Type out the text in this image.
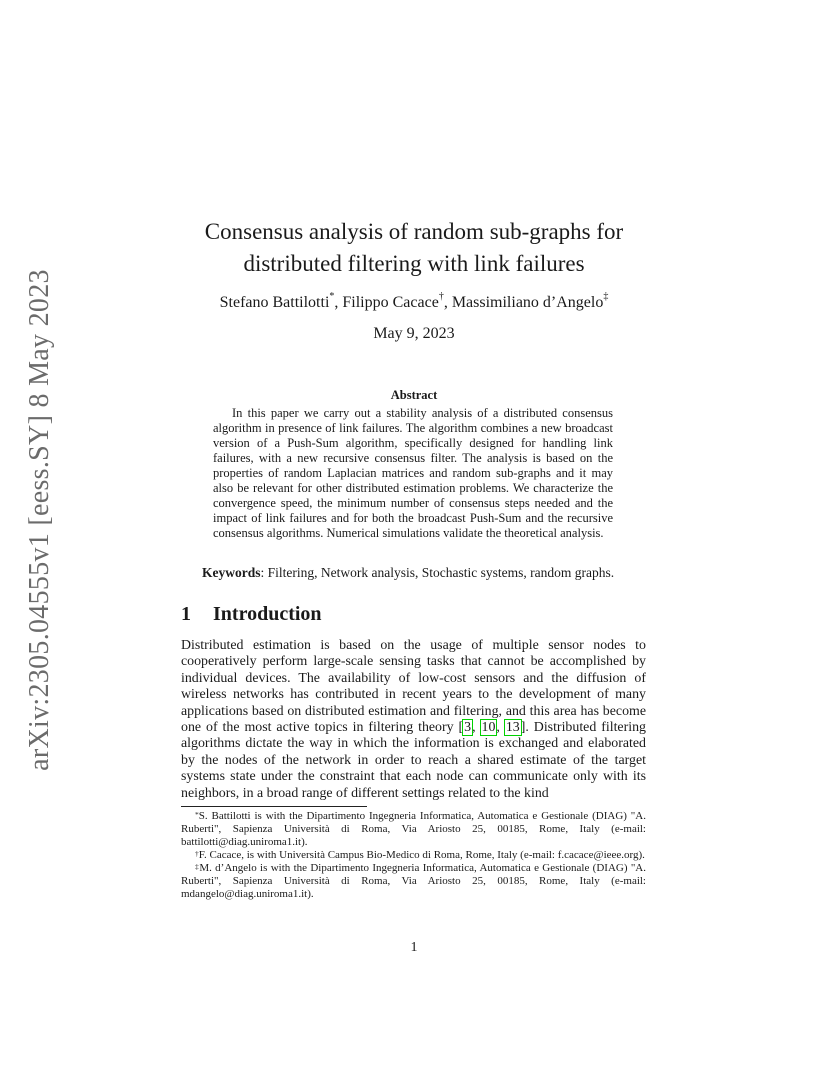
arXiv:2305.04555v1 [eess.SY] 8 May 2023
Consensus analysis of random sub-graphs for
distributed filtering with link failures
Stefano Battilotti*, Filippo Cacace†, Massimiliano d’Angelo‡
May 9, 2023
Abstract
In this paper we carry out a stability analysis of a distributed consensus algorithm in presence of link failures. The algorithm combines a new broadcast version of a Push-Sum algorithm, specifically designed for handling link failures, with a new recursive consensus filter. The analysis is based on the properties of random Laplacian matrices and random sub-graphs and it may also be relevant for other distributed estimation problems. We characterize the convergence speed, the minimum number of consensus steps needed and the impact of link failures and for both the broadcast Push-Sum and the recursive consensus algorithms. Numerical simulations validate the theoretical analysis.
Keywords: Filtering, Network analysis, Stochastic systems, random graphs.
1 Introduction
Distributed estimation is based on the usage of multiple sensor nodes to cooperatively perform large-scale sensing tasks that cannot be accomplished by individual devices. The availability of low-cost sensors and the diffusion of wireless networks has contributed in recent years to the development of many applications based on distributed estimation and filtering, and this area has become one of the most active topics in filtering theory [3, 10, 13]. Distributed filtering algorithms dictate the way in which the information is exchanged and elaborated by the nodes of the network in order to reach a shared estimate of the target systems state under the constraint that each node can communicate only with its neighbors, in a broad range of different settings related to the kind

*S. Battilotti is with the Dipartimento Ingegneria Informatica, Automatica e Gestionale (DIAG) "A. Ruberti", Sapienza Università di Roma, Via Ariosto 25, 00185, Rome, Italy (e-mail: battilotti@diag.uniroma1.it).

†F. Cacace, is with Università Campus Bio-Medico di Roma, Rome, Italy (e-mail: f.cacace@ieee.org).

‡M. d’Angelo is with the Dipartimento Ingegneria Informatica, Automatica e Gestionale (DIAG) "A. Ruberti", Sapienza Università di Roma, Via Ariosto 25, 00185, Rome, Italy (e-mail: mdangelo@diag.uniroma1.it).

1
